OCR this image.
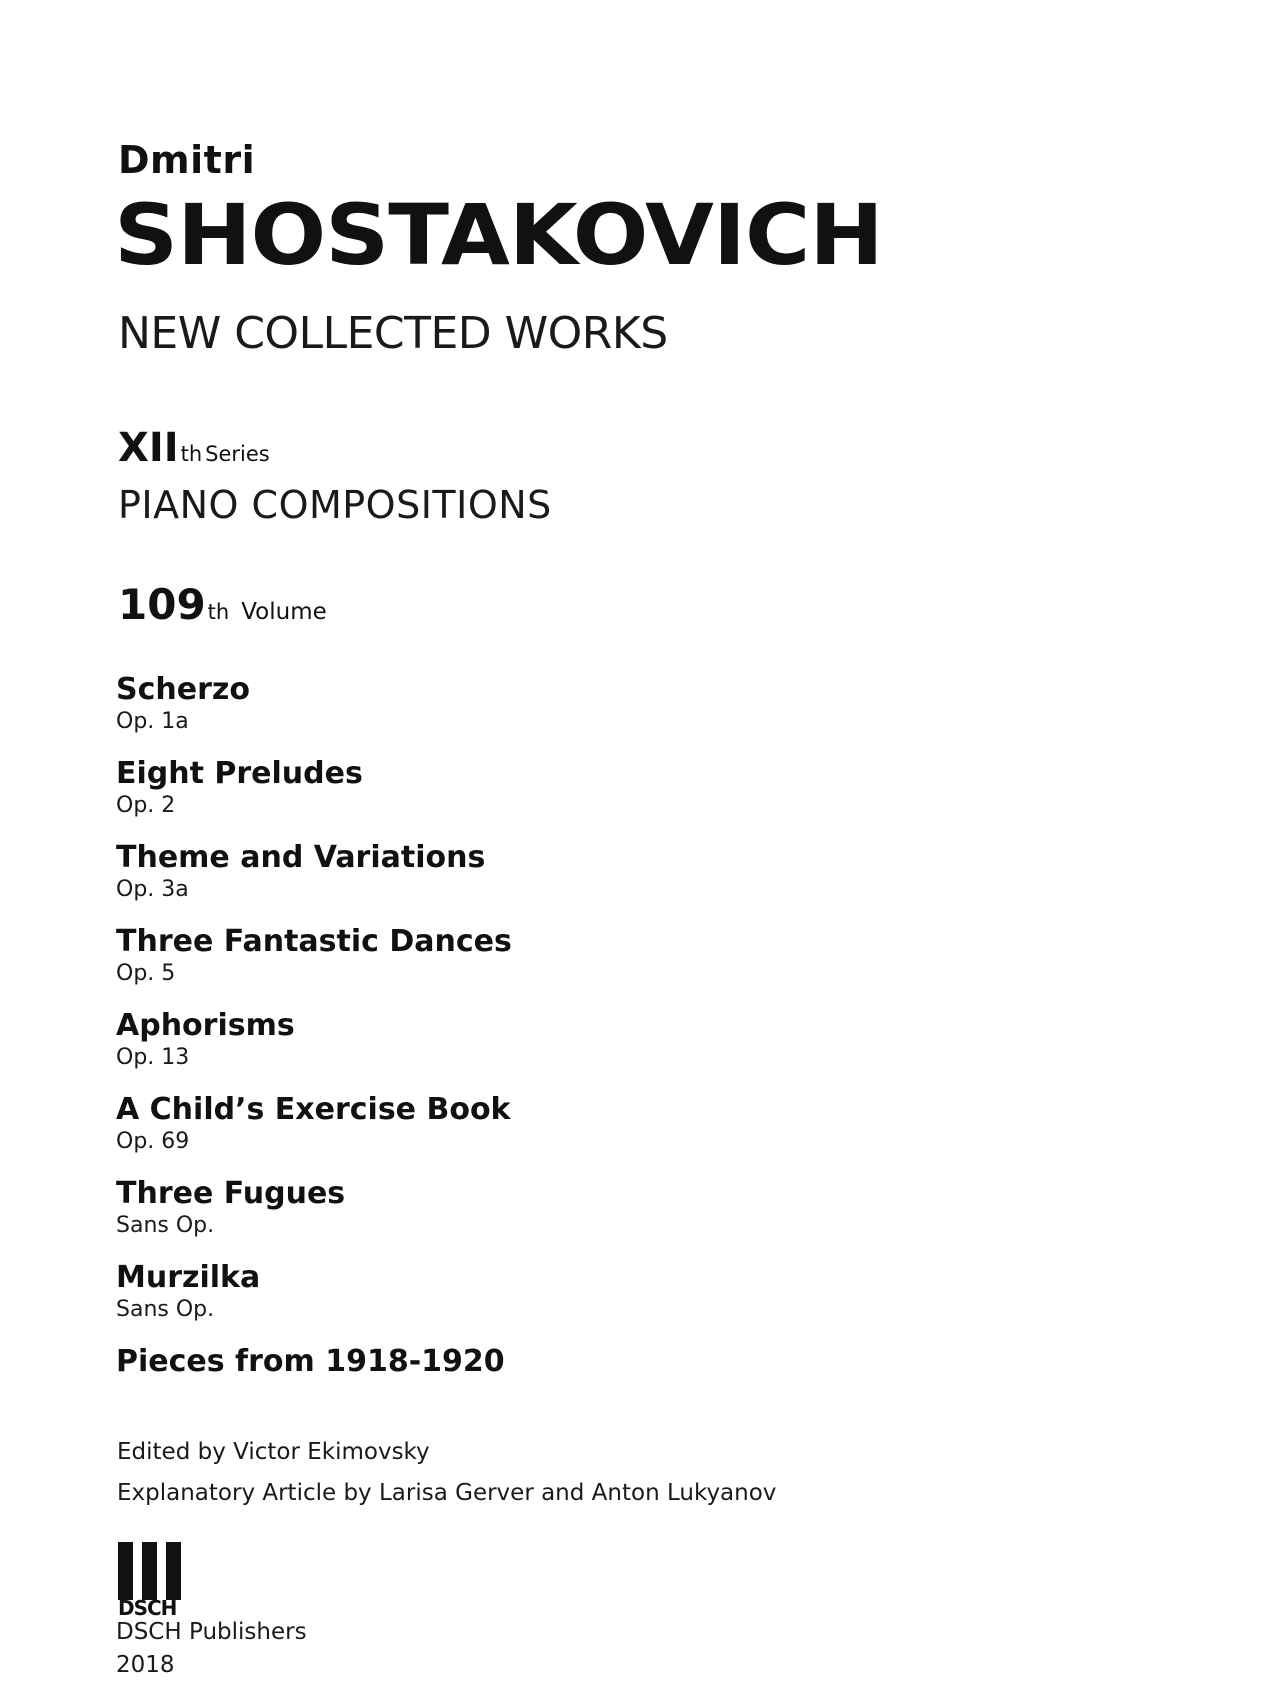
Dmitri
SHOSTAKOVICH
NEW COLLECTED WORKS
XIIth Series
PIANO COMPOSITIONS
109th Volume
Scherzo
Op. 1a
Eight Preludes
Op. 2
Theme and Variations
Op. 3a
Three Fantastic Dances
Op. 5
Aphorisms
Op. 13
A Child’s Exercise Book
Op. 69
Three Fugues
Sans Op.
Murzilka
Sans Op.
Pieces from 1918-1920
Edited by Victor Ekimovsky
Explanatory Article by Larisa Gerver and Anton Lukyanov
DSCH
DSCH Publishers
2018
